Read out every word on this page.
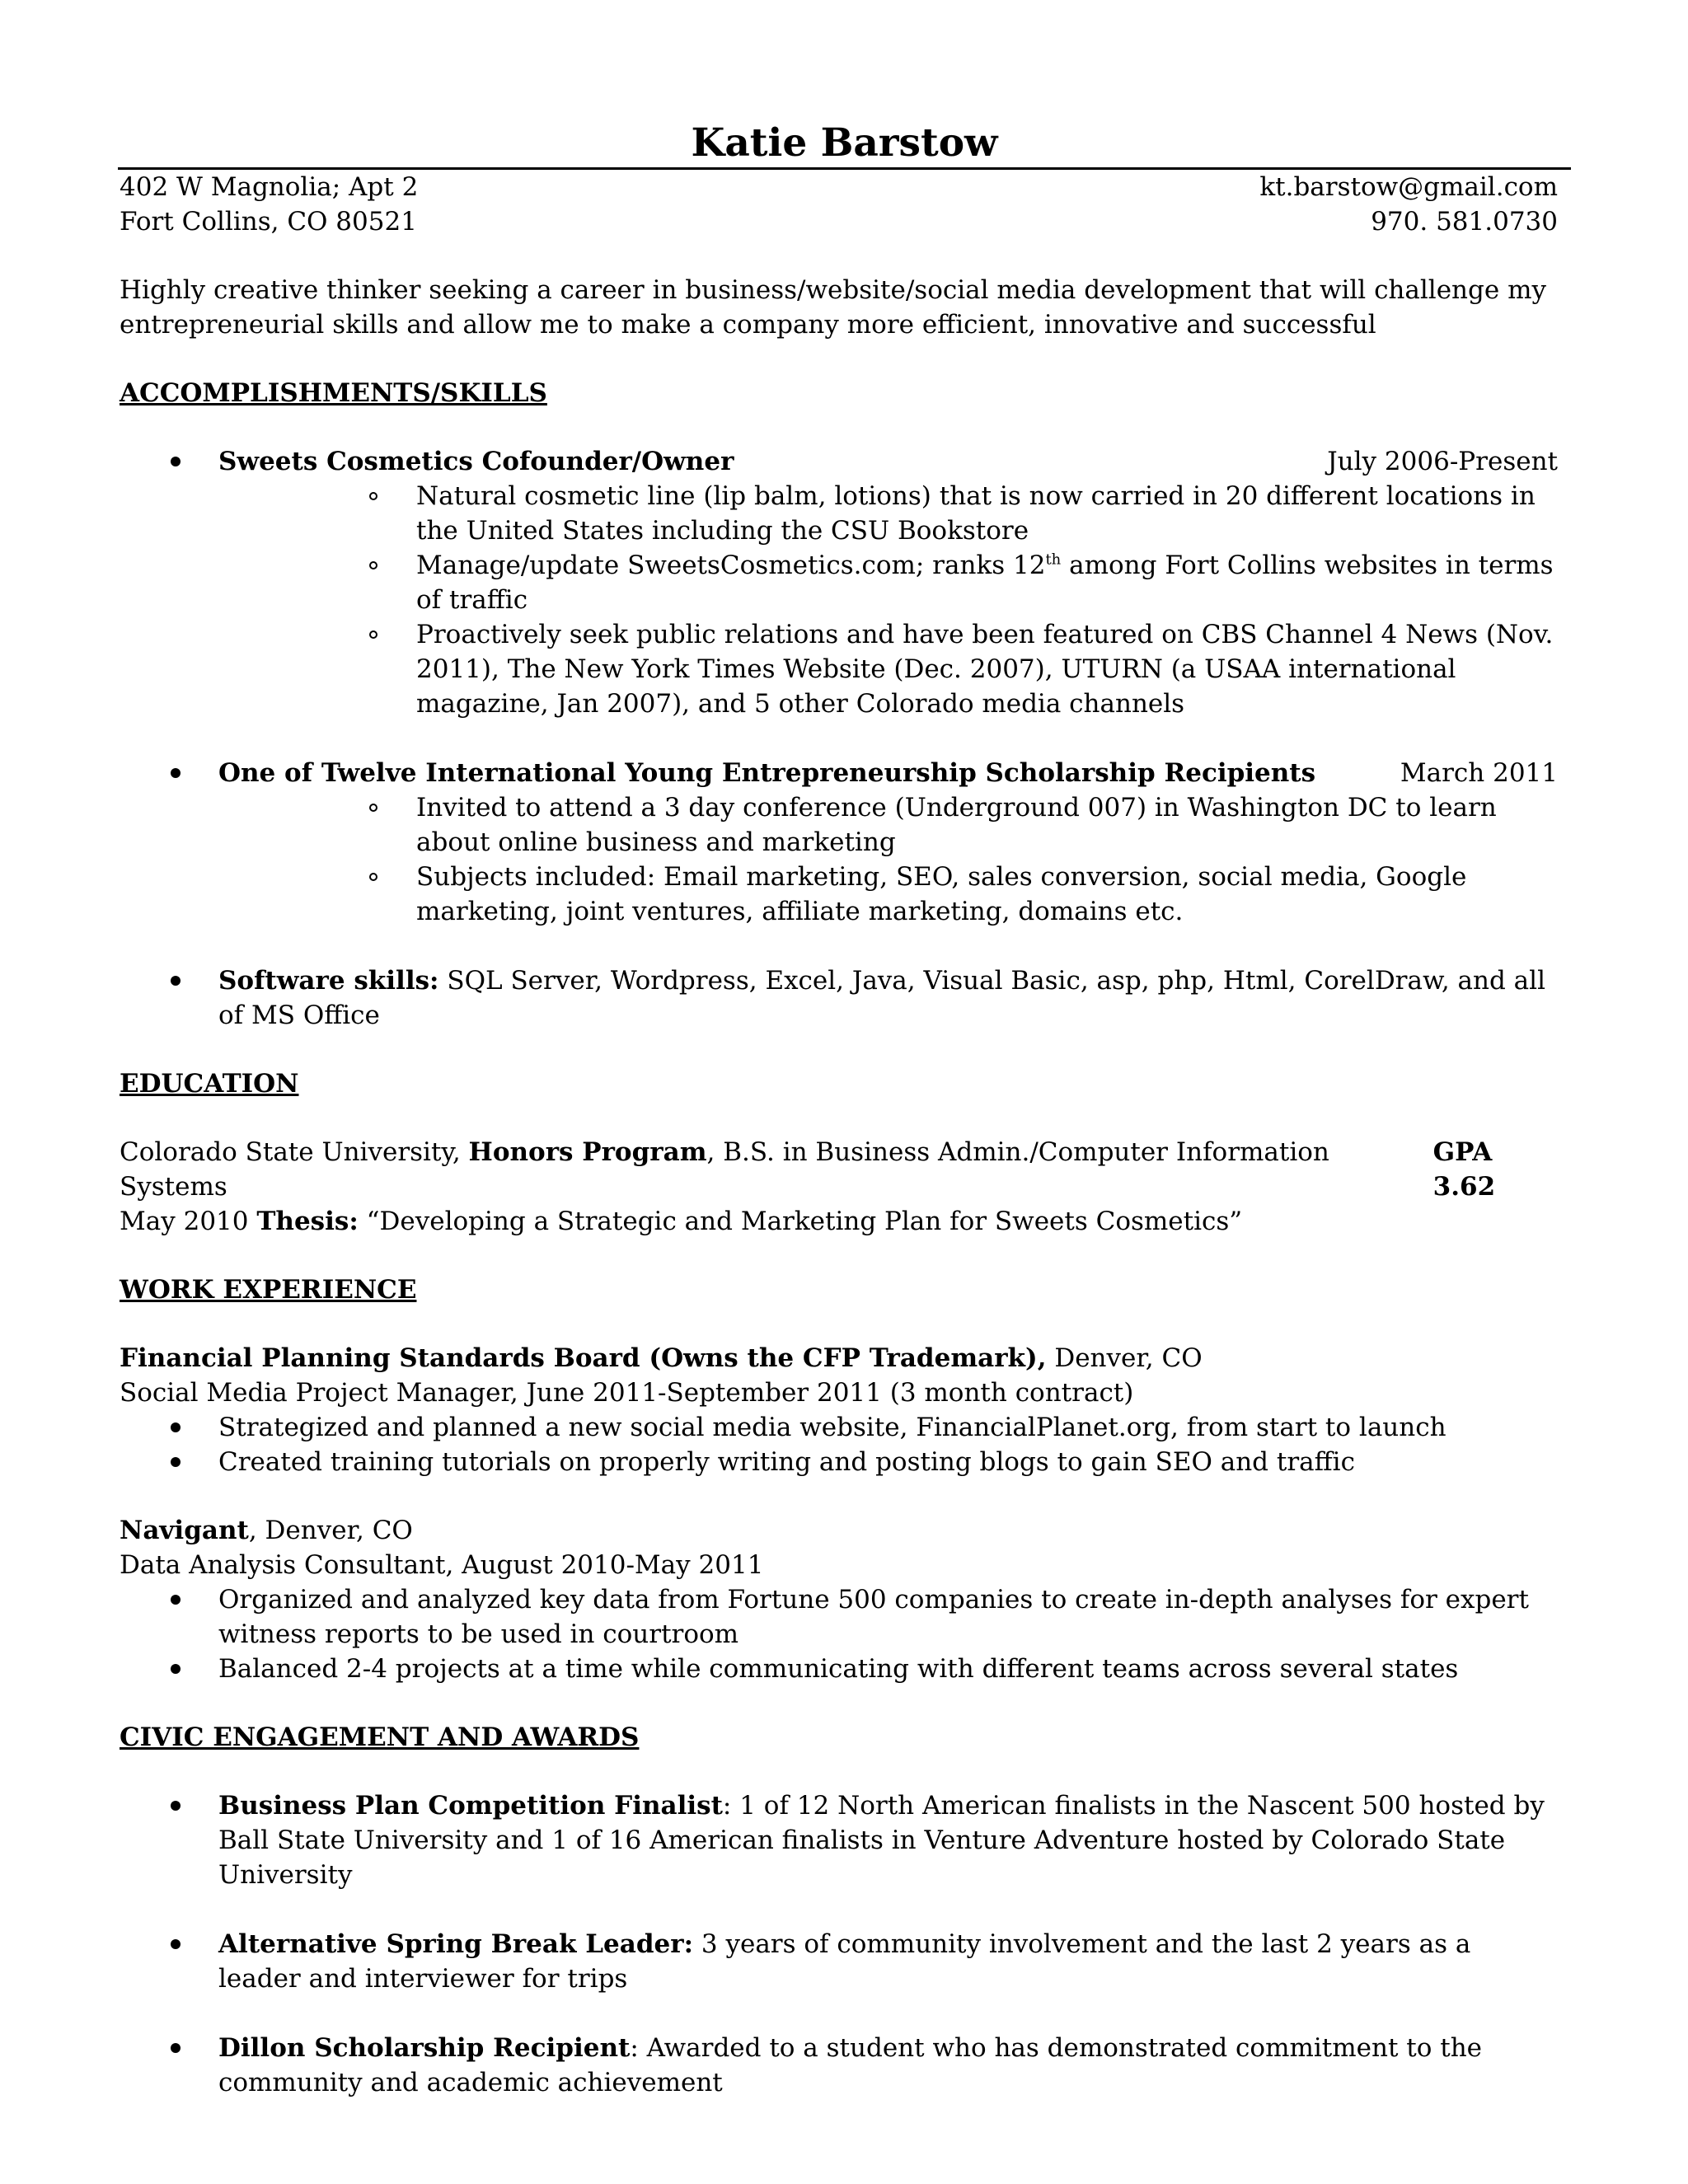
Katie Barstow
402 W Magnolia; Apt 2	kt.barstow@gmail.com
Fort Collins, CO 80521	970. 581.0730

Highly creative thinker seeking a career in business/website/social media development that will challenge my

entrepreneurial skills and allow me to make a company more efficient, innovative and successful

ACCOMPLISHMENTS/SKILLS
Sweets Cosmetics Cofounder/Owner	July 2006-Present
Natural cosmetic line (lip balm, lotions) that is now carried in 20 different locations in the United States including the CSU Bookstore
Manage/update SweetsCosmetics.com; ranks 12th among Fort Collins websites in terms of traffic
Proactively seek public relations and have been featured on CBS Channel 4 News (Nov. 2011), The New York Times Website (Dec. 2007), UTURN (a USAA international magazine, Jan 2007), and 5 other Colorado media channels
One of Twelve International Young Entrepreneurship Scholarship Recipients	March 2011
Invited to attend a 3 day conference (Underground 007) in Washington DC to learn about online business and marketing
Subjects included: Email marketing, SEO, sales conversion, social media, Google marketing, joint ventures, affiliate marketing, domains etc.
Software skills: SQL Server, Wordpress, Excel, Java, Visual Basic, asp, php, Html, CorelDraw, and all of MS Office
EDUCATION
Colorado State University, Honors Program, B.S. in Business Admin./Computer Information Systems
GPA 3.62
May 2010 Thesis: “Developing a Strategic and Marketing Plan for Sweets Cosmetics”
WORK EXPERIENCE
Financial Planning Standards Board (Owns the CFP Trademark), Denver, CO
Social Media Project Manager, June 2011-September 2011 (3 month contract)
Strategized and planned a new social media website, FinancialPlanet.org, from start to launch
Created training tutorials on properly writing and posting blogs to gain SEO and traffic
Navigant, Denver, CO
Data Analysis Consultant, August 2010-May 2011
Organized and analyzed key data from Fortune 500 companies to create in-depth analyses for expert witness reports to be used in courtroom
Balanced 2-4 projects at a time while communicating with different teams across several states
CIVIC ENGAGEMENT AND AWARDS
Business Plan Competition Finalist: 1 of 12 North American finalists in the Nascent 500 hosted by Ball State University and 1 of 16 American finalists in Venture Adventure hosted by Colorado State University
Alternative Spring Break Leader: 3 years of community involvement and the last 2 years as a leader and interviewer for trips
Dillon Scholarship Recipient: Awarded to a student who has demonstrated commitment to the community and academic achievement
